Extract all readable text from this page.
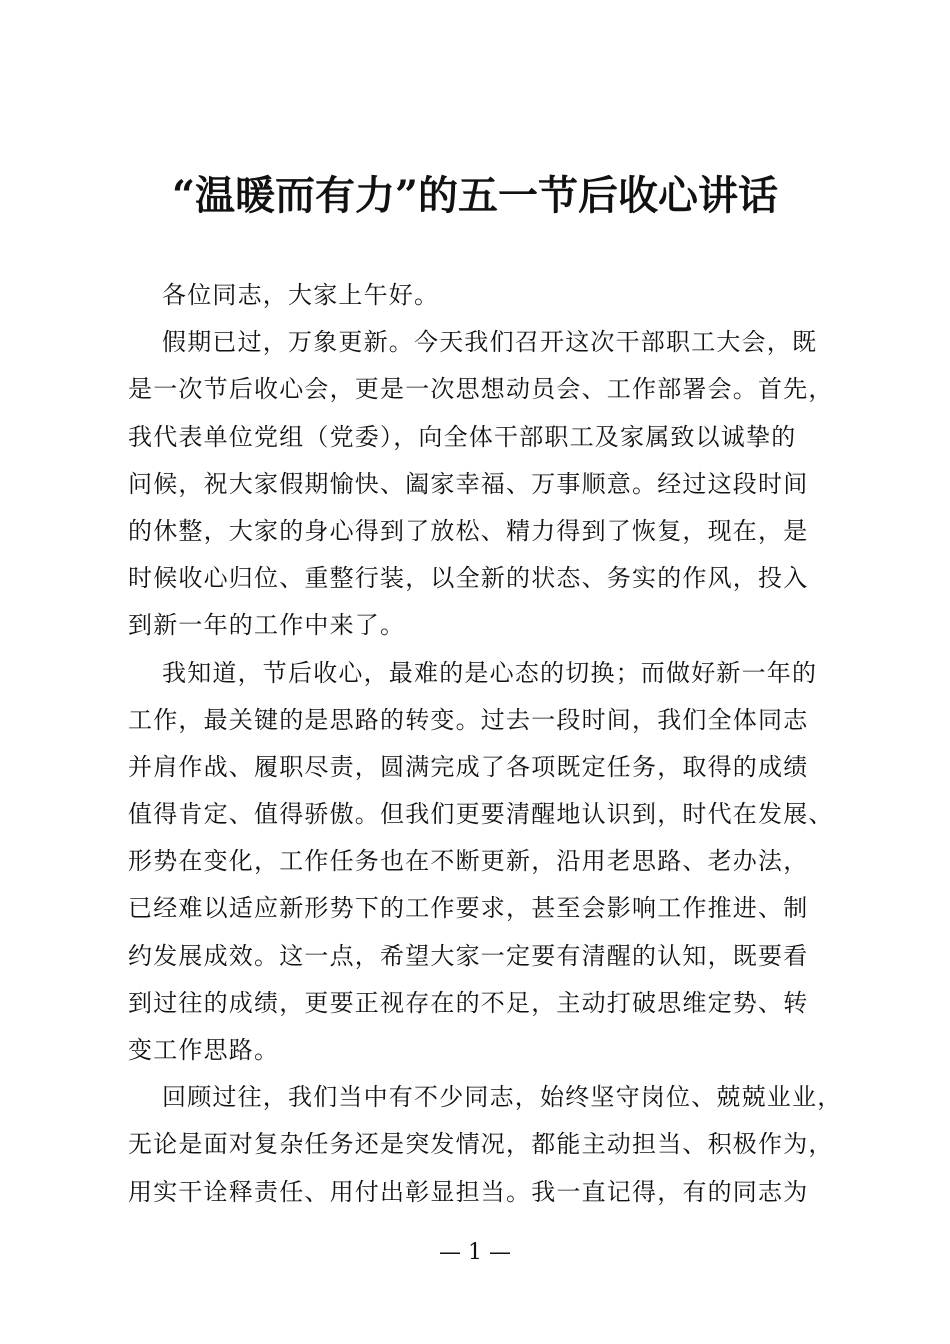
“温暖而有力”的五一节后收心讲话
各位同志，大家上午好。
假期已过，万象更新。今天我们召开这次干部职工大会，既
是一次节后收心会，更是一次思想动员会、工作部署会。首先，
我代表单位党组（党委），向全体干部职工及家属致以诚挚的
问候，祝大家假期愉快、阖家幸福、万事顺意。经过这段时间
的休整，大家的身心得到了放松、精力得到了恢复，现在，是
时候收心归位、重整行装，以全新的状态、务实的作风，投入
到新一年的工作中来了。
我知道，节后收心，最难的是心态的切换；而做好新一年的
工作，最关键的是思路的转变。过去一段时间，我们全体同志
并肩作战、履职尽责，圆满完成了各项既定任务，取得的成绩
值得肯定、值得骄傲。但我们更要清醒地认识到，时代在发展、
形势在变化，工作任务也在不断更新，沿用老思路、老办法，
已经难以适应新形势下的工作要求，甚至会影响工作推进、制
约发展成效。这一点，希望大家一定要有清醒的认知，既要看
到过往的成绩，更要正视存在的不足，主动打破思维定势、转
变工作思路。
回顾过往，我们当中有不少同志，始终坚守岗位、兢兢业业，
无论是面对复杂任务还是突发情况，都能主动担当、积极作为，
用实干诠释责任、用付出彰显担当。我一直记得，有的同志为
— 1 —
